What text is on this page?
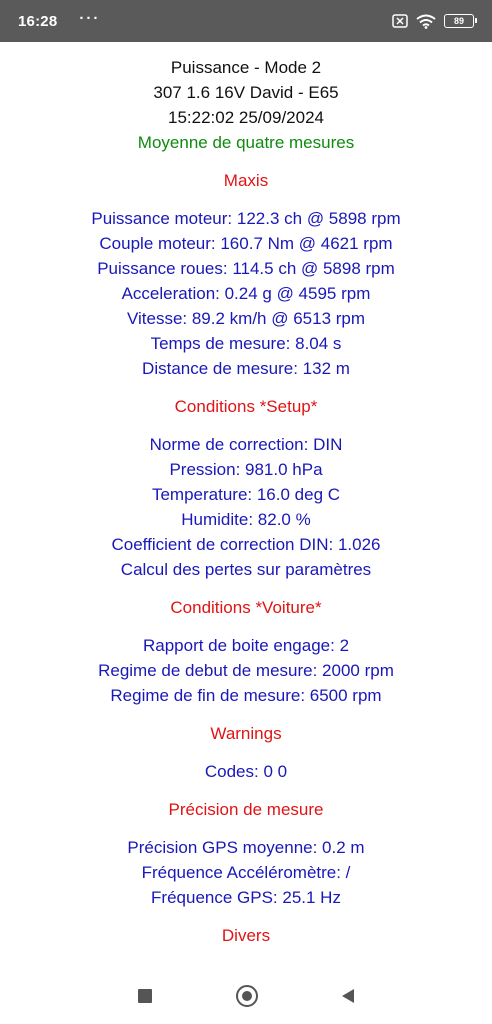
16:28 ···	89
Puissance - Mode 2
307 1.6 16V David - E65
15:22:02 25/09/2024
Moyenne de quatre mesures
Maxis
Puissance moteur: 122.3 ch @ 5898 rpm
Couple moteur: 160.7 Nm @ 4621 rpm
Puissance roues: 114.5 ch @ 5898 rpm
Acceleration: 0.24 g @ 4595 rpm
Vitesse: 89.2 km/h @ 6513 rpm
Temps de mesure: 8.04 s
Distance de mesure: 132 m
Conditions *Setup*
Norme de correction: DIN
Pression: 981.0 hPa
Temperature: 16.0 deg C
Humidite: 82.0 %
Coefficient de correction DIN: 1.026
Calcul des pertes sur paramètres
Conditions *Voiture*
Rapport de boite engage: 2
Regime de debut de mesure: 2000 rpm
Regime de fin de mesure: 6500 rpm
Warnings
Codes: 0 0
Précision de mesure
Précision GPS moyenne: 0.2 m
Fréquence Accéléromètre: /
Fréquence GPS: 25.1 Hz
Divers
